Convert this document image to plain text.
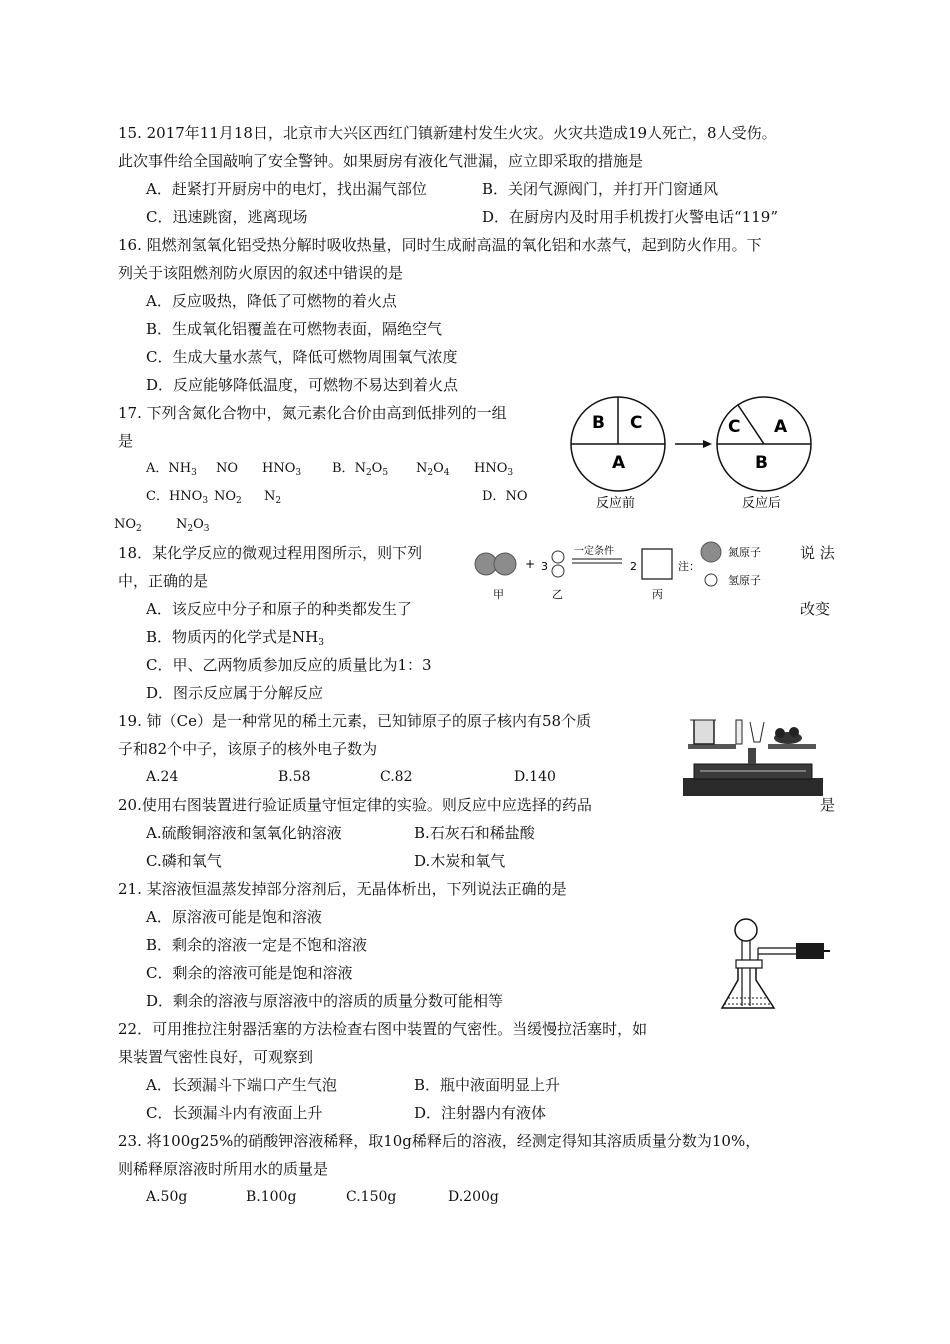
15. 2017年11月18日，北京市大兴区西红门镇新建村发生火灾。火灾共造成19人死亡，8人受伤。
此次事件给全国敲响了安全警钟。如果厨房有液化气泄漏，应立即采取的措施是
A．赶紧打开厨房中的电灯，找出漏气部位	B．关闭气源阀门，并打开门窗通风
C．迅速跳窗，逃离现场	D．在厨房内及时用手机拨打火警电话“119”
16. 阻燃剂氢氧化铝受热分解时吸收热量，同时生成耐高温的氧化铝和水蒸气，起到防火作用。下
列关于该阻燃剂防火原因的叙述中错误的是
A．反应吸热，降低了可燃物的着火点
B．生成氧化铝覆盖在可燃物表面，隔绝空气
C．生成大量水蒸气，降低可燃物周围氧气浓度
D．反应能够降低温度，可燃物不易达到着火点
17. 下列含氮化合物中，氮元素化合价由高到低排列的一组
是
A．$NH_3$ NO $HNO_3$ B．$N_2O_5$ $N_2O_4$ $HNO_3$
C．$HNO_3$ $NO_2$ $N_2$	D．NO
$NO_2$	$N_2O_3$
B C
A
C A
B
反应前	反应后
18．某化学反应的微观过程用图所示，则下列	说 法
中，正确的是
A．该反应中分子和原子的种类都发生了	改变
B．物质丙的化学式是$NH_3$
C．甲、乙两物质参加反应的质量比为1：3
D．图示反应属于分解反应
甲
+ 3
乙
一定条件
2
丙
注：
氮原子
氢原子
19. 铈（Ce）是一种常见的稀土元素，已知铈原子的原子核内有58个质
子和82个中子，该原子的核外电子数为
A.24	B.58	C.82	D.140
20.使用右图装置进行验证质量守恒定律的实验。则反应中应选择的药品	是
A.硫酸铜溶液和氢氧化钠溶液	B.石灰石和稀盐酸
C.磷和氧气	D.木炭和氧气
21. 某溶液恒温蒸发掉部分溶剂后，无晶体析出，下列说法正确的是
A．原溶液可能是饱和溶液
B．剩余的溶液一定是不饱和溶液
C．剩余的溶液可能是饱和溶液
D．剩余的溶液与原溶液中的溶质的质量分数可能相等
22．可用推拉注射器活塞的方法检查右图中装置的气密性。当缓慢拉活塞时，如
果装置气密性良好，可观察到
A．长颈漏斗下端口产生气泡	B．瓶中液面明显上升
C．长颈漏斗内有液面上升	D．注射器内有液体
23. 将100g25%的硝酸钾溶液稀释，取10g稀释后的溶液，经测定得知其溶质质量分数为10%，
则稀释原溶液时所用水的质量是
A.50g	B.100g	C.150g	D.200g
